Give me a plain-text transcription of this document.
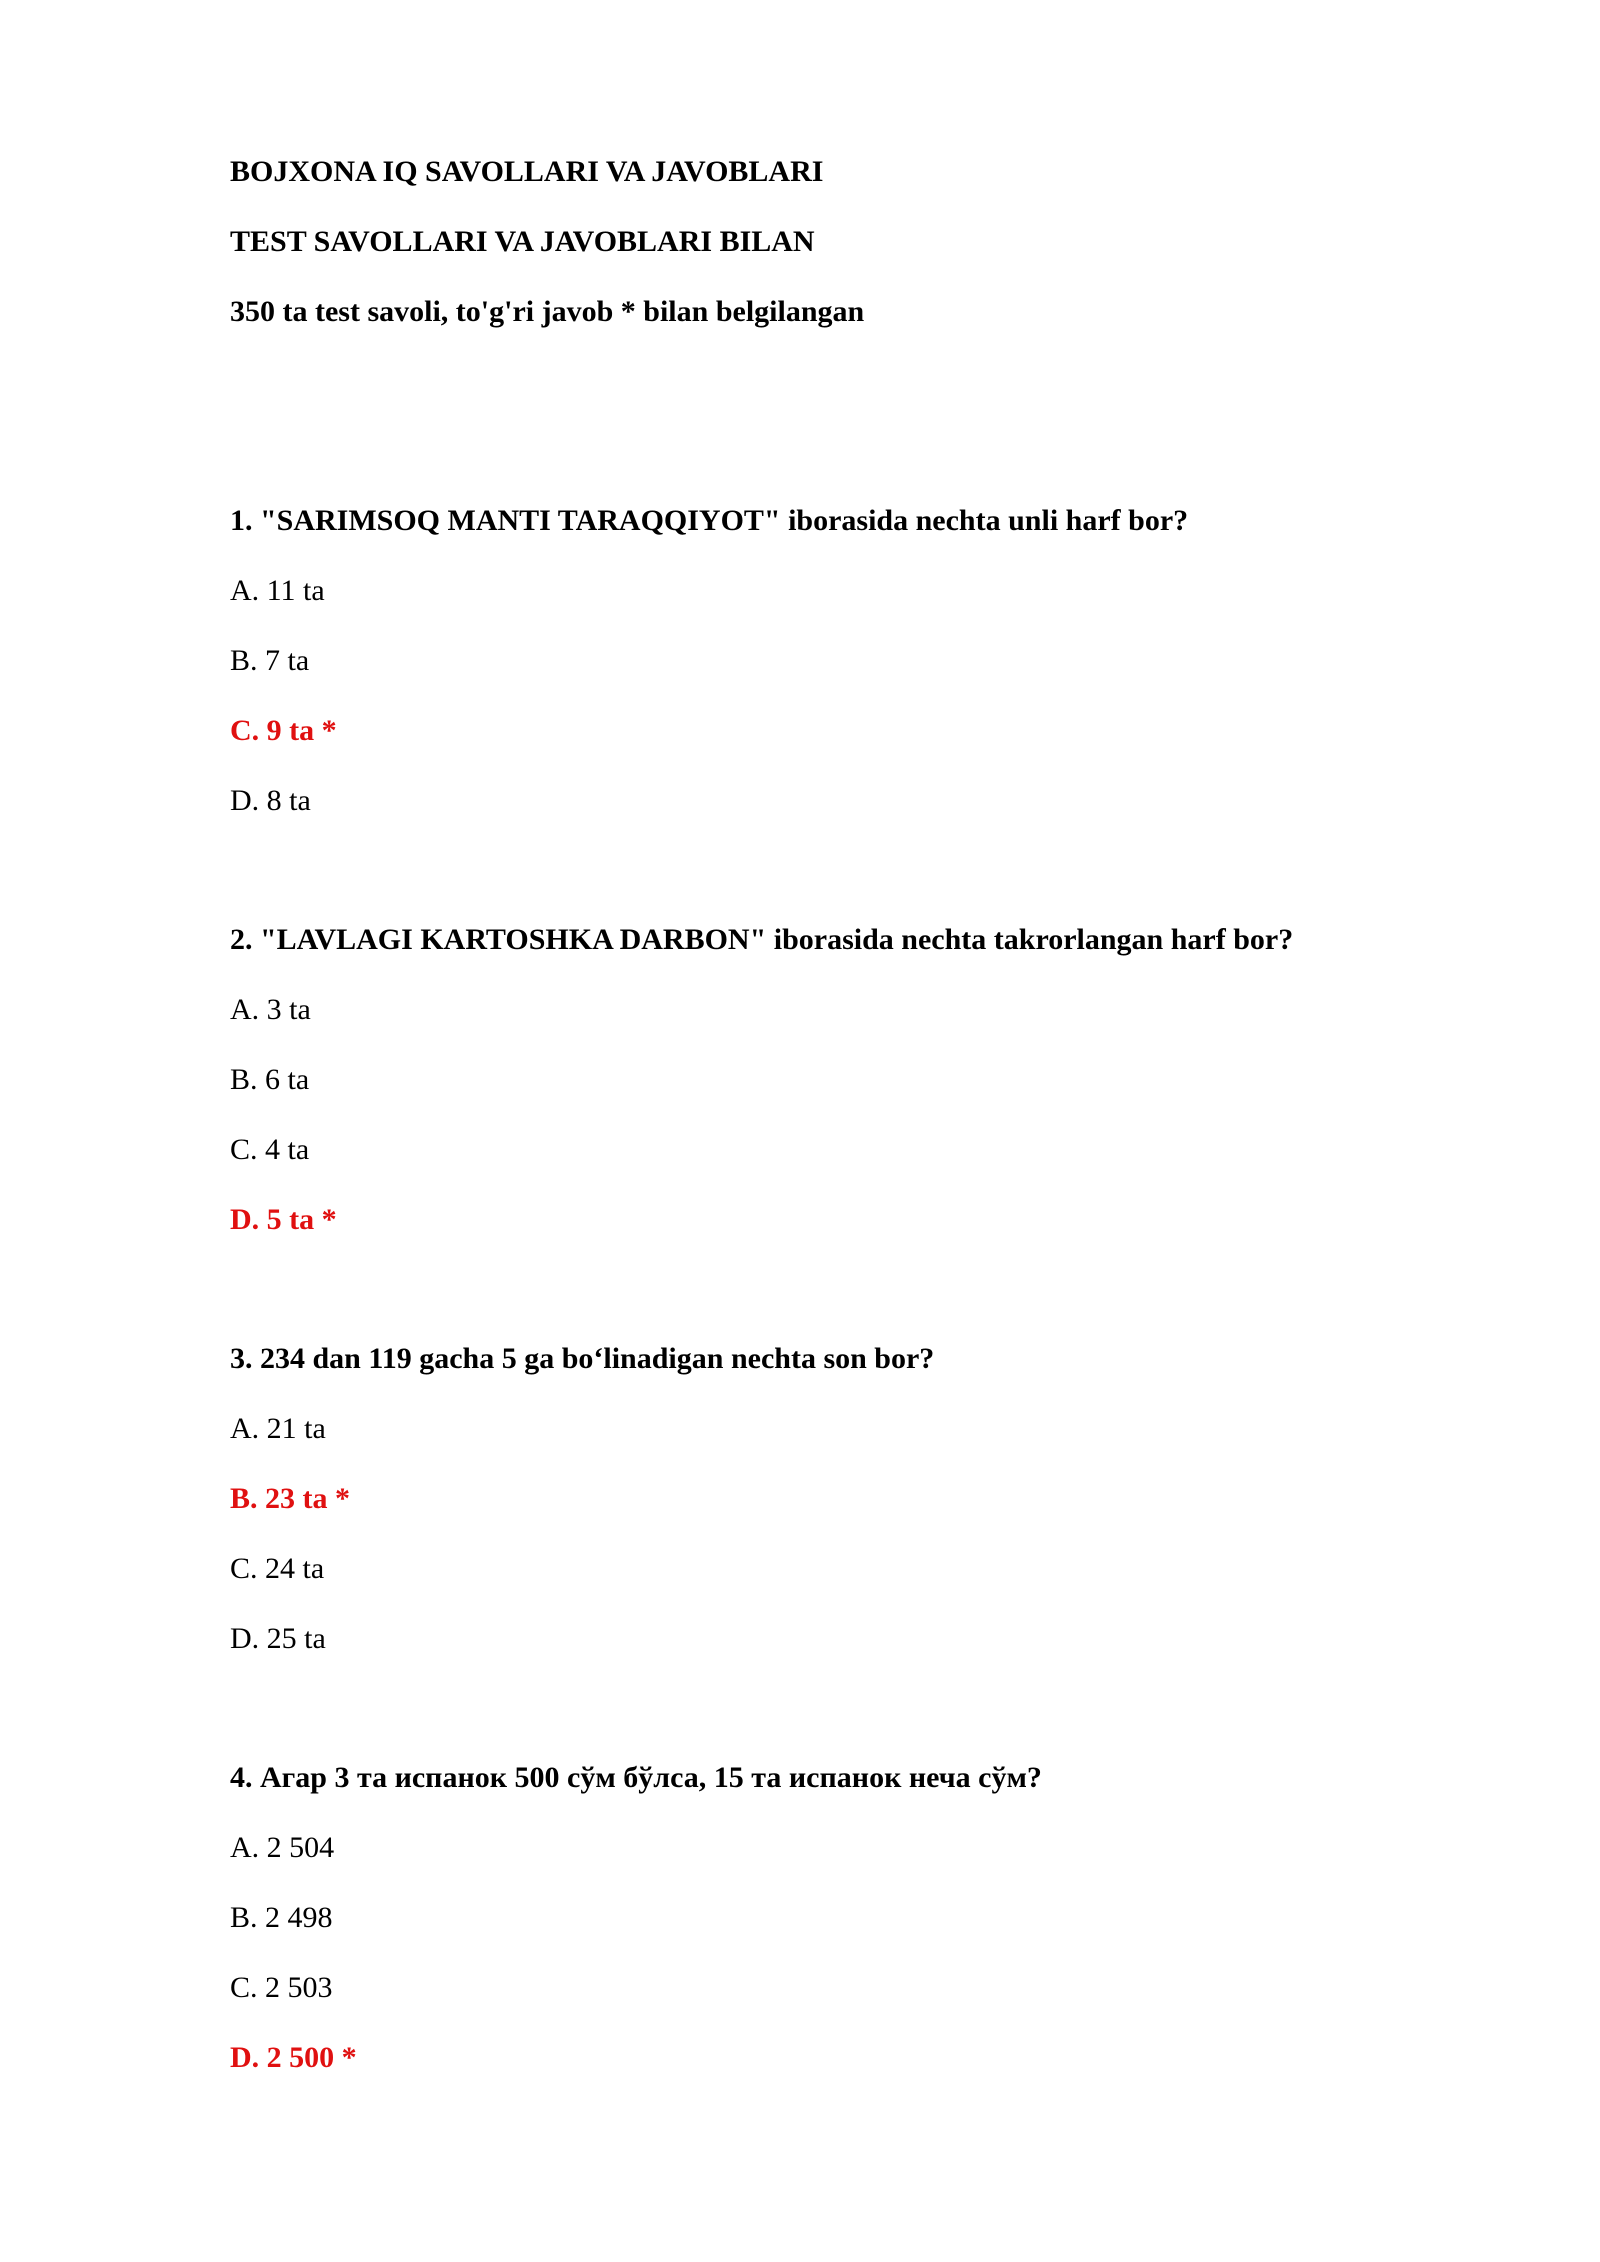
BOJXONA IQ SAVOLLARI VA JAVOBLARI

TEST SAVOLLARI VA JAVOBLARI BILAN

350 ta test savoli, to'g'ri javob * bilan belgilangan

1. "SARIMSOQ MANTI TARAQQIYOT" iborasida nechta unli harf bor?

A. 11 ta

B. 7 ta

C. 9 ta *

D. 8 ta

2. "LAVLAGI KARTOSHKA DARBON" iborasida nechta takrorlangan harf bor?

A. 3 ta

B. 6 ta

C. 4 ta

D. 5 ta *

3. 234 dan 119 gacha 5 ga bo‘linadigan nechta son bor?

A. 21 ta

B. 23 ta *

C. 24 ta

D. 25 ta

4. Агар 3 та испанок 500 сўм бўлса, 15 та испанок неча сўм?

A. 2 504

B. 2 498

C. 2 503

D. 2 500 *
